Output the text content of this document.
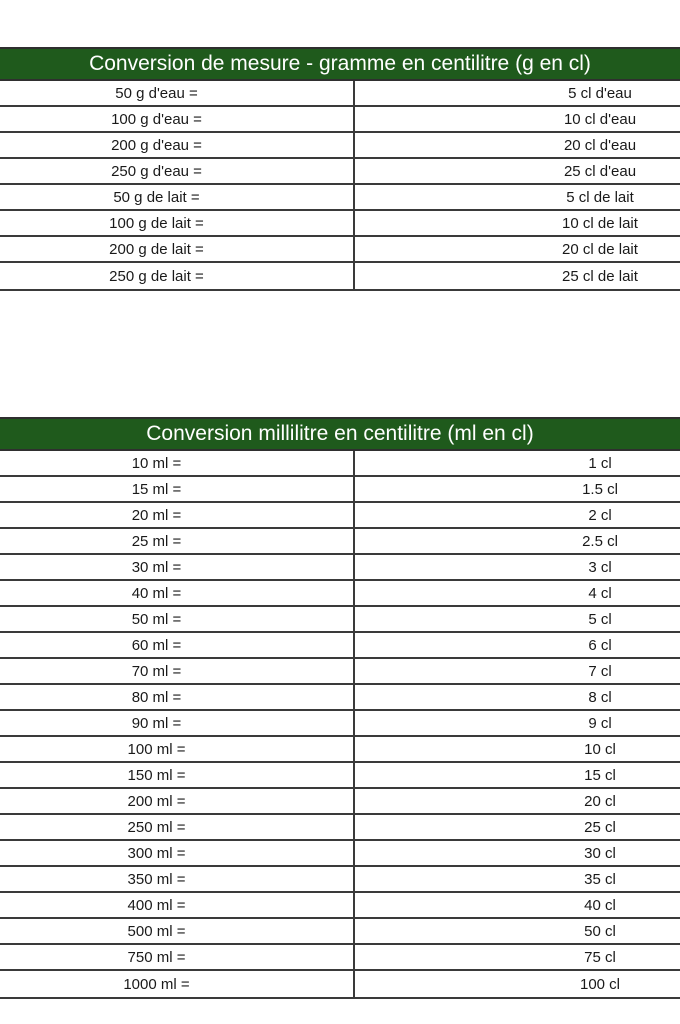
Conversion de mesure - gramme en centilitre (g en cl)
50 g d'eau =	5 cl d'eau
100 g d'eau =	10 cl d'eau
200 g d'eau =	20 cl d'eau
250 g d'eau =	25 cl d'eau
50 g de lait =	5 cl de lait
100 g de lait =	10 cl de lait
200 g de lait =	20 cl de lait
250 g de lait =	25 cl de lait
Conversion millilitre en centilitre (ml en cl)
10 ml =	1 cl
15 ml =	1.5 cl
20 ml =	2 cl
25 ml =	2.5 cl
30 ml =	3 cl
40 ml =	4 cl
50 ml =	5 cl
60 ml =	6 cl
70 ml =	7 cl
80 ml =	8 cl
90 ml =	9 cl
100 ml =	10 cl
150 ml =	15 cl
200 ml =	20 cl
250 ml =	25 cl
300 ml =	30 cl
350 ml =	35 cl
400 ml =	40 cl
500 ml =	50 cl
750 ml =	75 cl
1000 ml =	100 cl
